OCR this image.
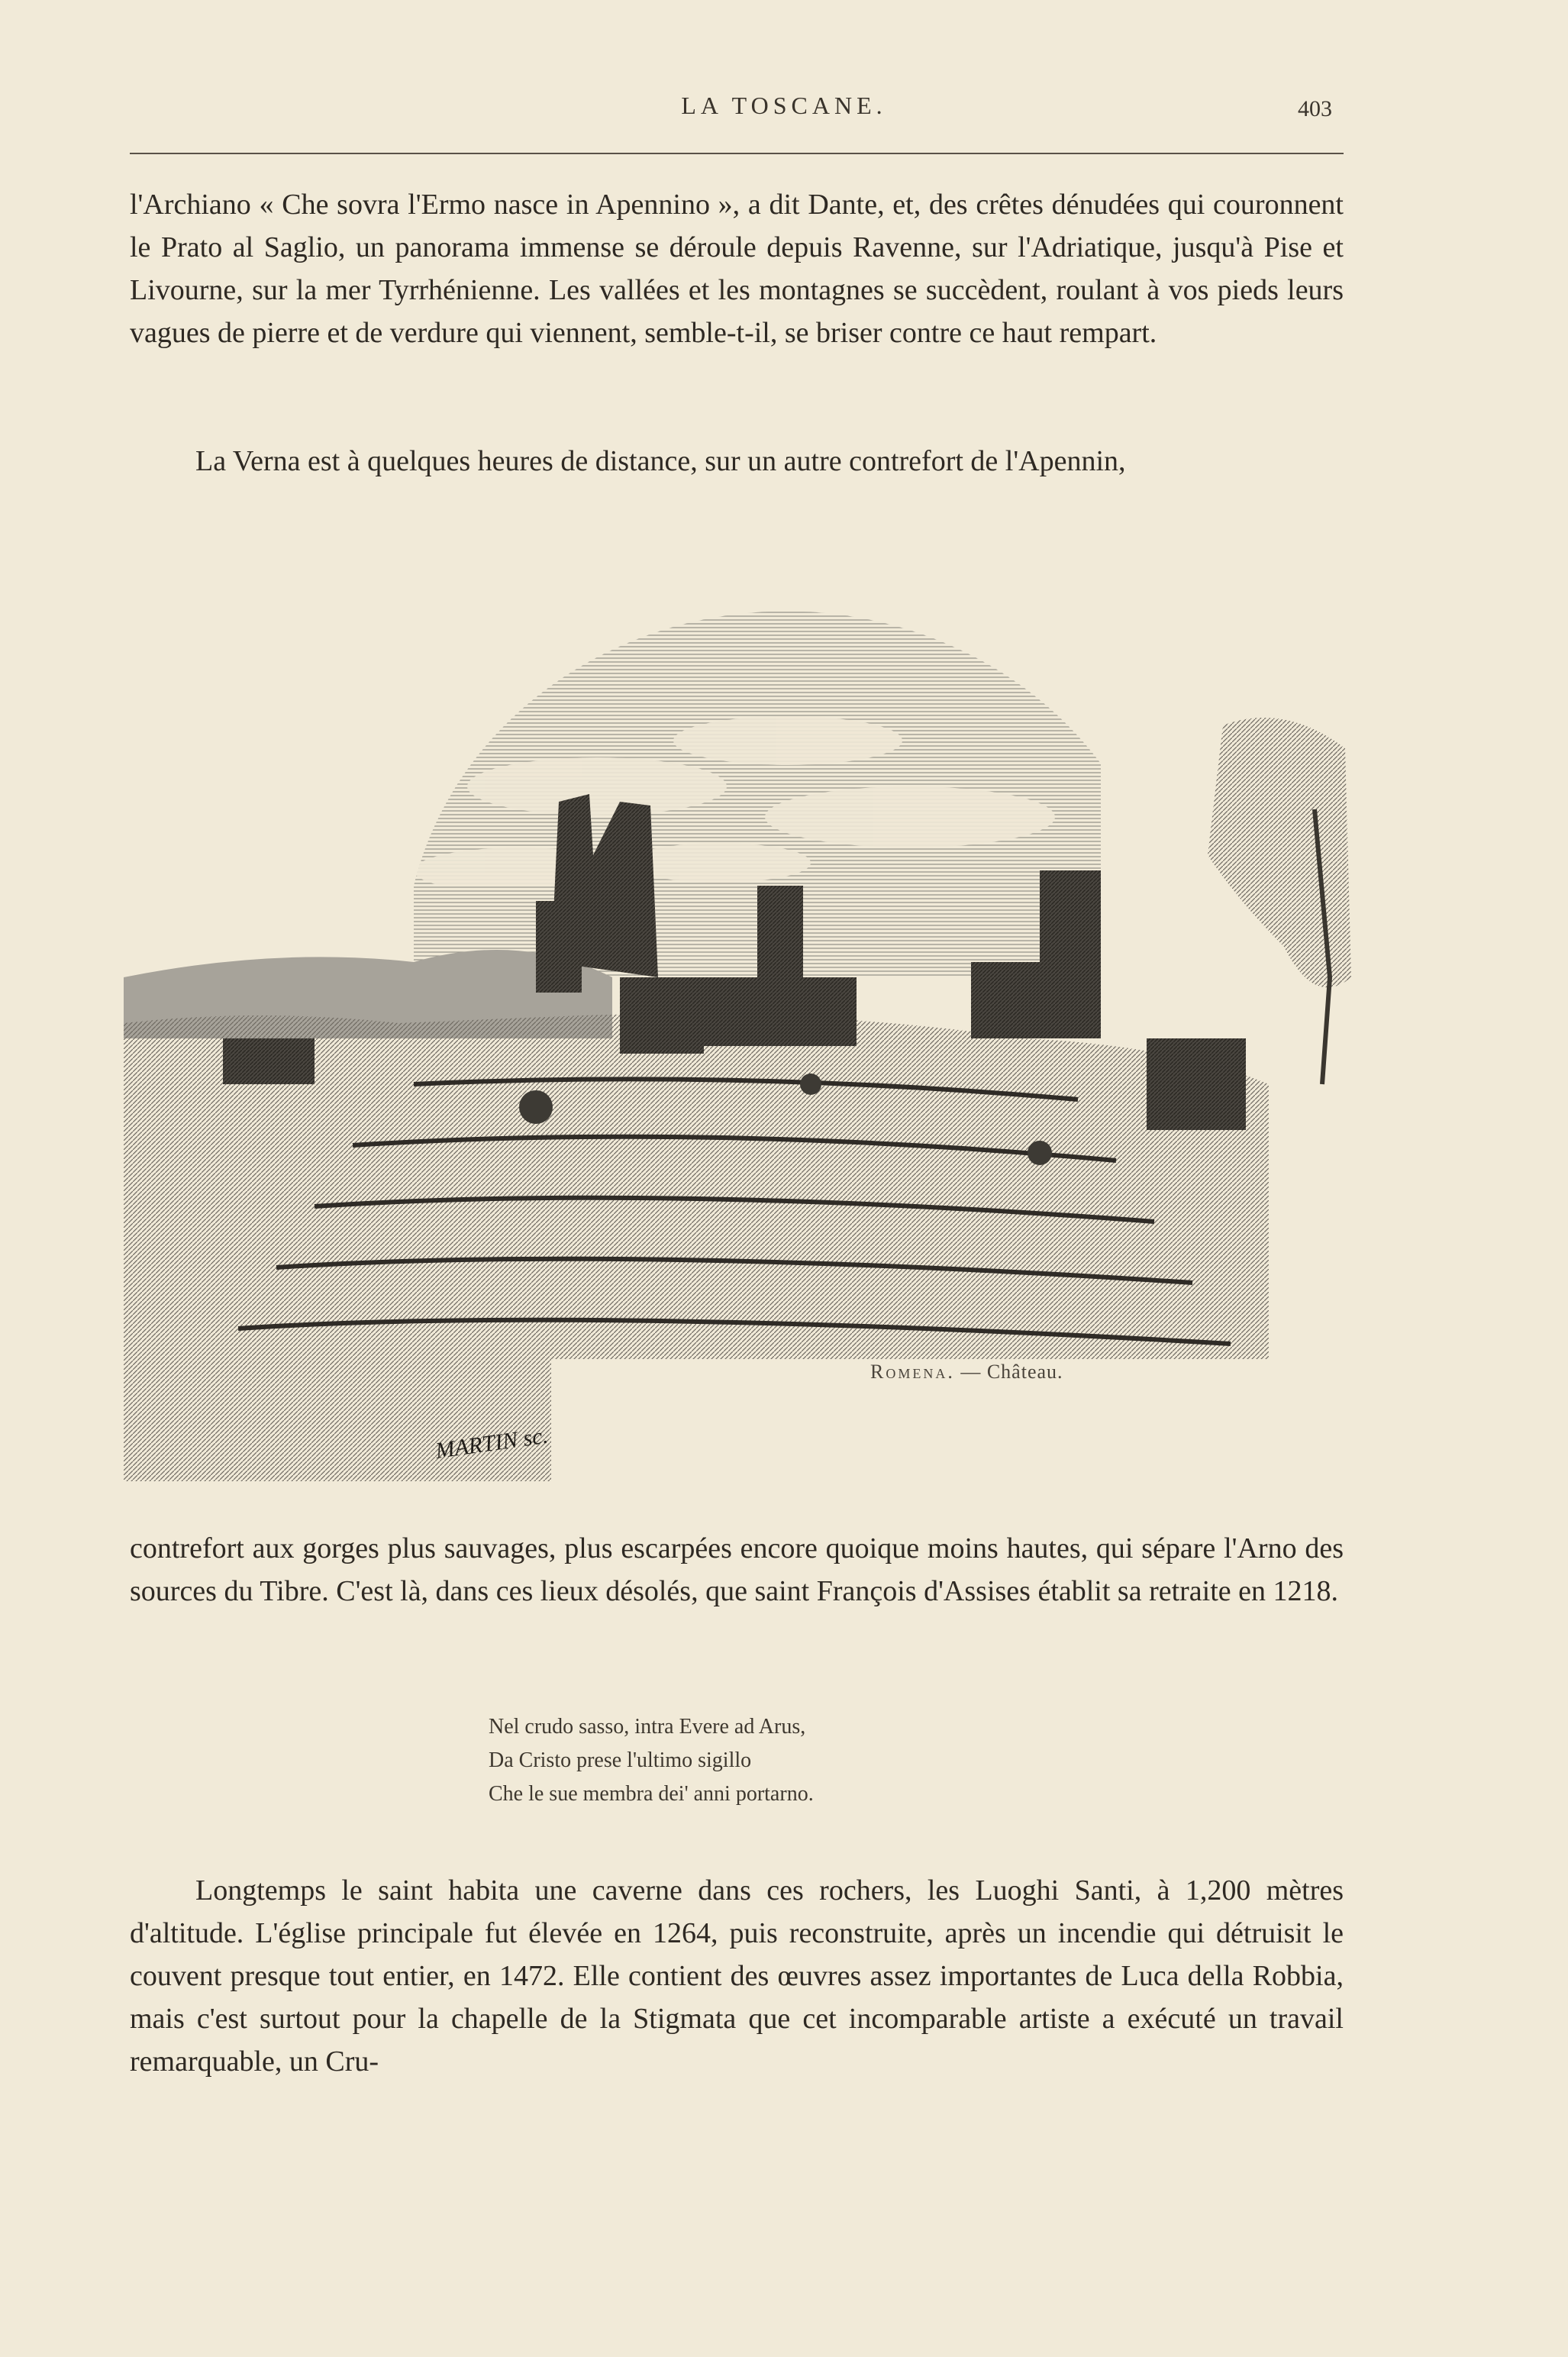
LA TOSCANE.	403
l'Archiano « Che sovra l'Ermo nasce in Apennino », a dit Dante, et, des crêtes dénudées qui couronnent le Prato al Saglio, un panorama immense se déroule depuis Ravenne, sur l'Adriatique, jusqu'à Pise et Livourne, sur la mer Tyrrhénienne. Les vallées et les montagnes se succèdent, roulant à vos pieds leurs vagues de pierre et de verdure qui viennent, semble-t-il, se briser contre ce haut rempart.
La Verna est à quelques heures de distance, sur un autre contrefort de l'Apennin,
MARTIN sc.
Romena. — Château.
contrefort aux gorges plus sauvages, plus escarpées encore quoique moins hautes, qui sépare l'Arno des sources du Tibre. C'est là, dans ces lieux désolés, que saint François d'Assises établit sa retraite en 1218.
Nel crudo sasso, intra Evere ad Arus,
Da Cristo prese l'ultimo sigillo
Che le sue membra dei' anni portarno.
Longtemps le saint habita une caverne dans ces rochers, les Luoghi Santi, à 1,200 mètres d'altitude. L'église principale fut élevée en 1264, puis reconstruite, après un incendie qui détruisit le couvent presque tout entier, en 1472. Elle contient des œuvres assez importantes de Luca della Robbia, mais c'est surtout pour la chapelle de la Stigmata que cet incomparable artiste a exécuté un travail remarquable, un Cru-
